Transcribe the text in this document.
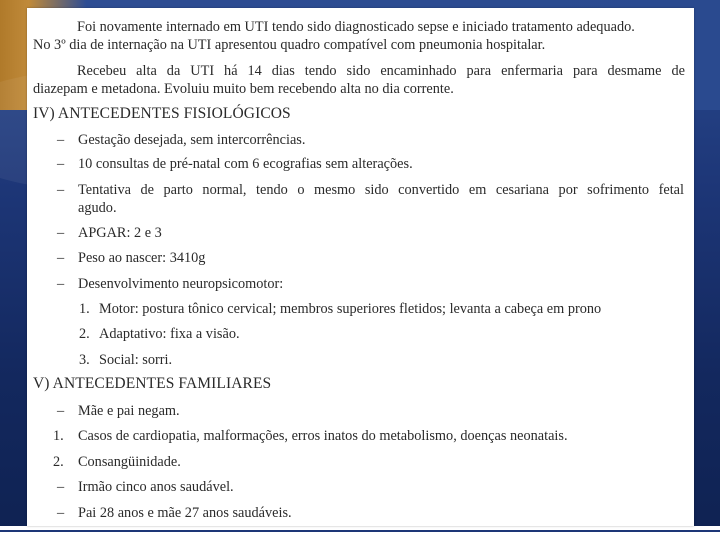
Foi novamente internado em UTI tendo sido diagnosticado sepse e iniciado tratamento adequado.
No 3º dia de internação na UTI apresentou quadro compatível com pneumonia hospitalar.
Recebeu alta da UTI há 14 dias tendo sido encaminhado para enfermaria para desmame de
diazepam e metadona. Evoluiu muito bem recebendo alta no dia corrente.
IV) ANTECEDENTES FISIOLÓGICOS
– Gestação desejada, sem intercorrências.
– 10 consultas de pré-natal com 6 ecografias sem alterações.
– Tentativa de parto normal, tendo o mesmo sido convertido em cesariana por sofrimento fetal
agudo.
– APGAR: 2 e 3
– Peso ao nascer: 3410g
– Desenvolvimento neuropsicomotor:
1. Motor: postura tônico cervical; membros superiores fletidos; levanta a cabeça em prono
2. Adaptativo: fixa a visão.
3. Social: sorri.
V) ANTECEDENTES FAMILIARES
– Mãe e pai negam.
1. Casos de cardiopatia, malformações, erros inatos do metabolismo, doenças neonatais.
2. Consangüinidade.
– Irmão cinco anos saudável.
– Pai 28 anos e mãe 27 anos saudáveis.
